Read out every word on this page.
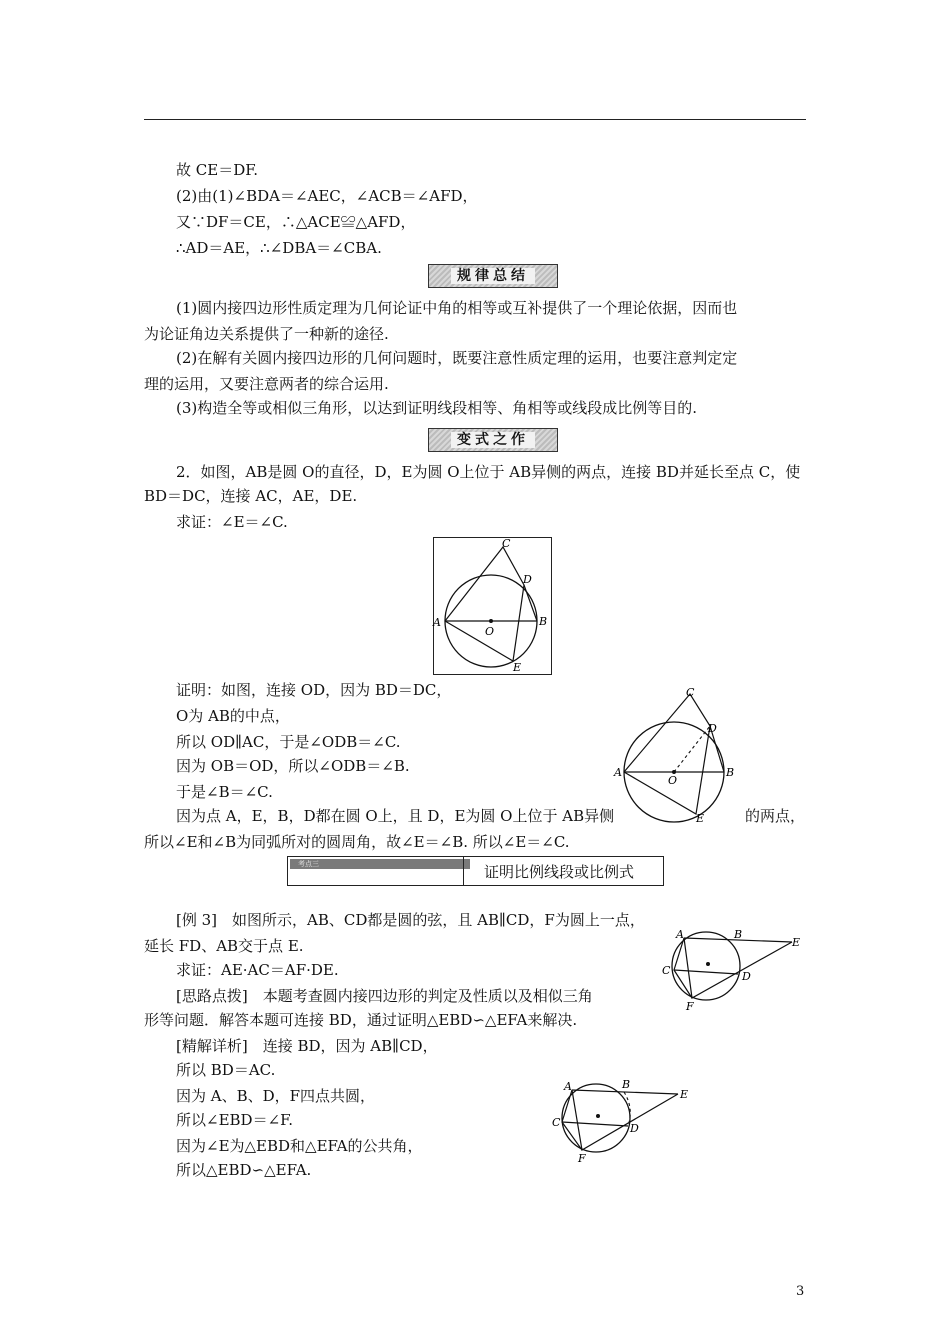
故 CE＝DF.
(2)由(1)∠BDA＝∠AEC，∠ACB＝∠AFD，
又∵DF＝CE，∴△ACE≌△AFD，
∴AD＝AE，∴∠DBA＝∠CBA.
规律总结
(1)圆内接四边形性质定理为几何论证中角的相等或互补提供了一个理论依据，因而也
为论证角边关系提供了一种新的途径.
(2)在解有关圆内接四边形的几何问题时，既要注意性质定理的运用，也要注意判定定
理的运用，又要注意两者的综合运用.
(3)构造全等或相似三角形，以达到证明线段相等、角相等或线段成比例等目的.
变式之作
2．如图，AB是圆 O的直径，D，E为圆 O上位于 AB异侧的两点，连接 BD并延长至点 C，使
BD＝DC，连接 AC，AE，DE.
求证：∠E＝∠C.
A	B
C
D
E
O
证明：如图，连接 OD，因为 BD＝DC，
O为 AB的中点，
所以 OD∥AC，于是∠ODB＝∠C.
因为 OB＝OD，所以∠ODB＝∠B.
于是∠B＝∠C.
因为点 A，E，B，D都在圆 O上，且 D，E为圆 O上位于 AB异侧	的两点，
所以∠E和∠B为同弧所对的圆周角，故∠E＝∠B. 所以∠E＝∠C.
A	B
C
D
E
O
考点三	证明比例线段或比例式
[例 3]　如图所示，AB、CD都是圆的弦，且 AB∥CD，F为圆上一点，
延长 FD、AB交于点 E.
求证：AE·AC＝AF·DE.
[思路点拨]　本题考查圆内接四边形的判定及性质以及相似三角
形等问题．解答本题可连接 BD，通过证明△EBD∽△EFA来解决.
[精解详析]　连接 BD，因为 AB∥CD，
所以 BD＝AC.
因为 A、B、D，F四点共圆，
所以∠EBD＝∠F.
因为∠E为△EBD和△EFA的公共角，
所以△EBD∽△EFA.
A	B
C	D
E
F
A	B
C	D
E
F
3
